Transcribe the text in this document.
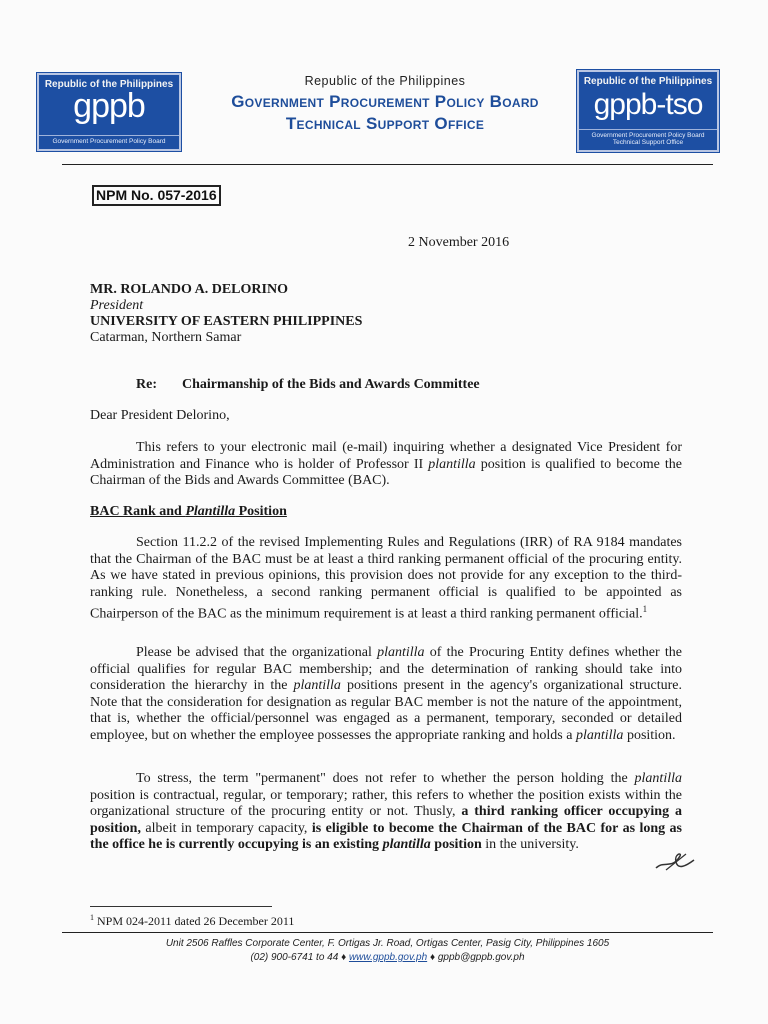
Republic of the Philippines
gppb
Government Procurement Policy Board
Republic of the Philippines
Government Procurement Policy Board
Technical Support Office
Republic of the Philippines
gppb-tso
Government Procurement Policy Board
Technical Support Office
NPM No. 057-2016
2 November 2016
MR. ROLANDO A. DELORINO
President
UNIVERSITY OF EASTERN PHILIPPINES
Catarman, Northern Samar
Re: Chairmanship of the Bids and Awards Committee
Dear President Delorino,
This refers to your electronic mail (e-mail) inquiring whether a designated Vice President for Administration and Finance who is holder of Professor II plantilla position is qualified to become the Chairman of the Bids and Awards Committee (BAC).
BAC Rank and Plantilla Position
Section 11.2.2 of the revised Implementing Rules and Regulations (IRR) of RA 9184 mandates that the Chairman of the BAC must be at least a third ranking permanent official of the procuring entity. As we have stated in previous opinions, this provision does not provide for any exception to the third-ranking rule. Nonetheless, a second ranking permanent official is qualified to be appointed as Chairperson of the BAC as the minimum requirement is at least a third ranking permanent official.$^1$
Please be advised that the organizational plantilla of the Procuring Entity defines whether the official qualifies for regular BAC membership; and the determination of ranking should take into consideration the hierarchy in the plantilla positions present in the agency's organizational structure. Note that the consideration for designation as regular BAC member is not the nature of the appointment, that is, whether the official/personnel was engaged as a permanent, temporary, seconded or detailed employee, but on whether the employee possesses the appropriate ranking and holds a plantilla position.
To stress, the term "permanent" does not refer to whether the person holding the plantilla position is contractual, regular, or temporary; rather, this refers to whether the position exists within the organizational structure of the procuring entity or not. Thusly, a third ranking officer occupying a position, albeit in temporary capacity, is eligible to become the Chairman of the BAC for as long as the office he is currently occupying is an existing plantilla position in the university.
$^1$ NPM 024-2011 dated 26 December 2011
Unit 2506 Raffles Corporate Center, F. Ortigas Jr. Road, Ortigas Center, Pasig City, Philippines 1605
(02) 900-6741 to 44 ♦ www.gppb.gov.ph ♦ gppb@gppb.gov.ph
